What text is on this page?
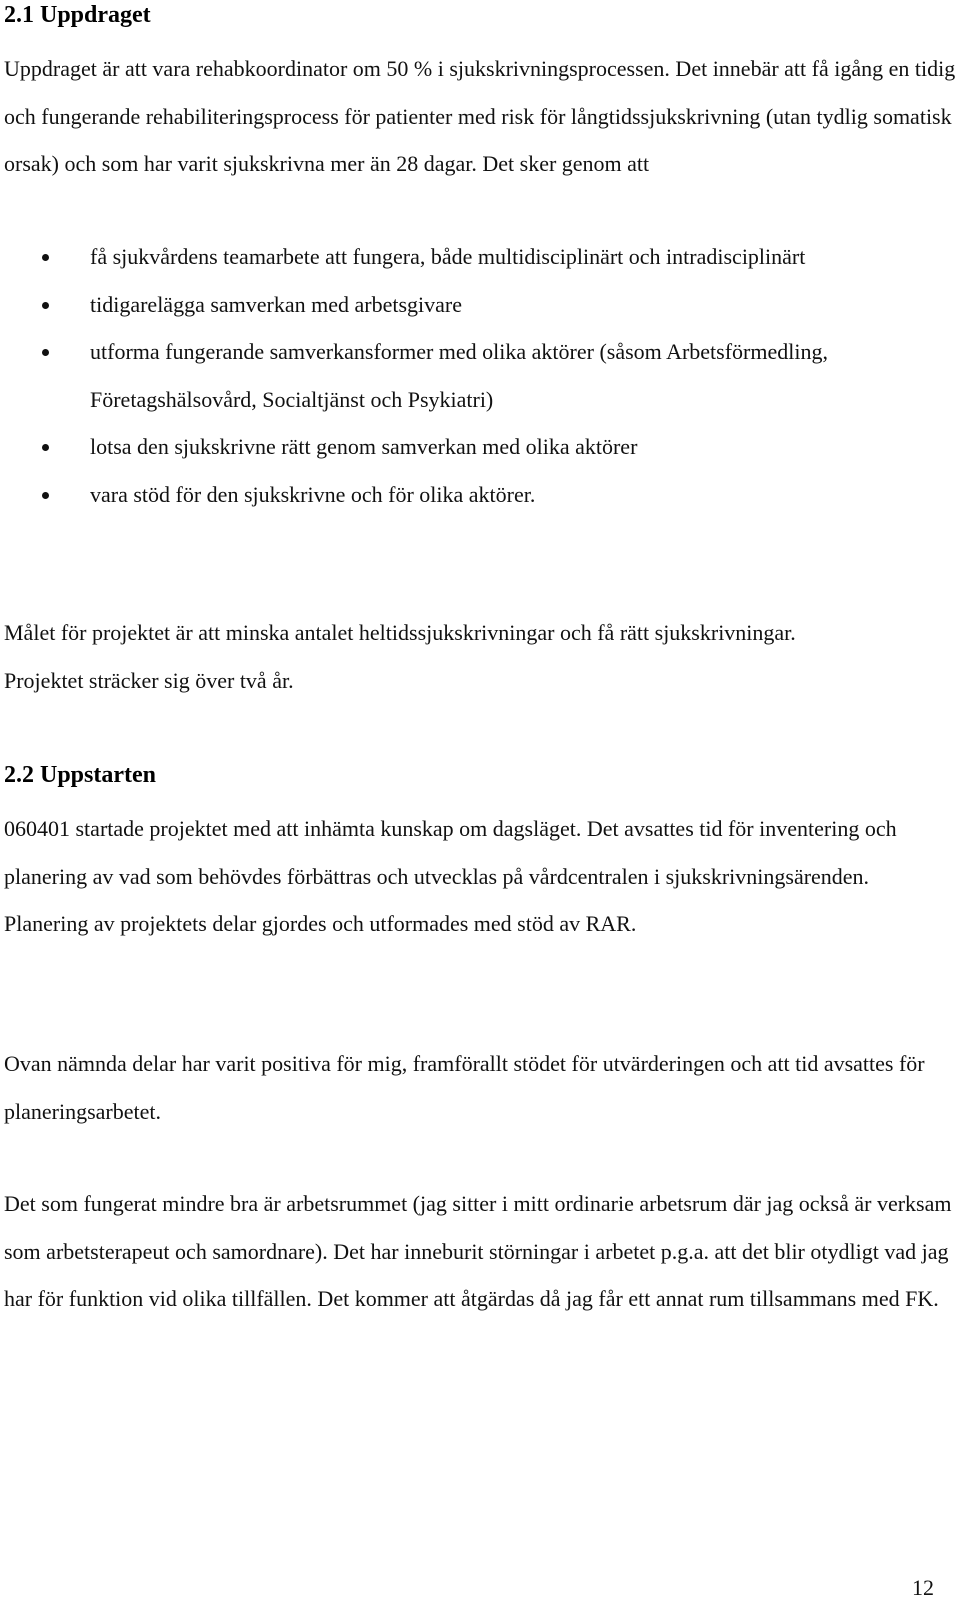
2.1 Uppdraget

Uppdraget är att vara rehabkoordinator om 50 % i sjukskrivningsprocessen. Det innebär att få igång en tidig och fungerande rehabiliteringsprocess för patienter med risk för långtidssjukskrivning (utan tydlig somatisk orsak) och som har varit sjukskrivna mer än 28 dagar. Det sker genom att

få sjukvårdens teamarbete att fungera, både multidisciplinärt och intradisciplinärt
tidigarelägga samverkan med arbetsgivare
utforma fungerande samverkansformer med olika aktörer (såsom Arbetsförmedling, Företagshälsovård, Socialtjänst och Psykiatri)
lotsa den sjukskrivne rätt genom samverkan med olika aktörer
vara stöd för den sjukskrivne och för olika aktörer.

Målet för projektet är att minska antalet heltidssjukskrivningar och få rätt sjukskrivningar. Projektet sträcker sig över två år.

2.2 Uppstarten

060401 startade projektet med att inhämta kunskap om dagsläget. Det avsattes tid för inventering och planering av vad som behövdes förbättras och utvecklas på vårdcentralen i sjukskrivningsärenden. Planering av projektets delar gjordes och utformades med stöd av RAR.

Ovan nämnda delar har varit positiva för mig, framförallt stödet för utvärderingen och att tid avsattes för planeringsarbetet.

Det som fungerat mindre bra är arbetsrummet (jag sitter i mitt ordinarie arbetsrum där jag också är verksam som arbetsterapeut och samordnare). Det har inneburit störningar i arbetet p.g.a. att det blir otydligt vad jag har för funktion vid olika tillfällen. Det kommer att åtgärdas då jag får ett annat rum tillsammans med FK.

12
